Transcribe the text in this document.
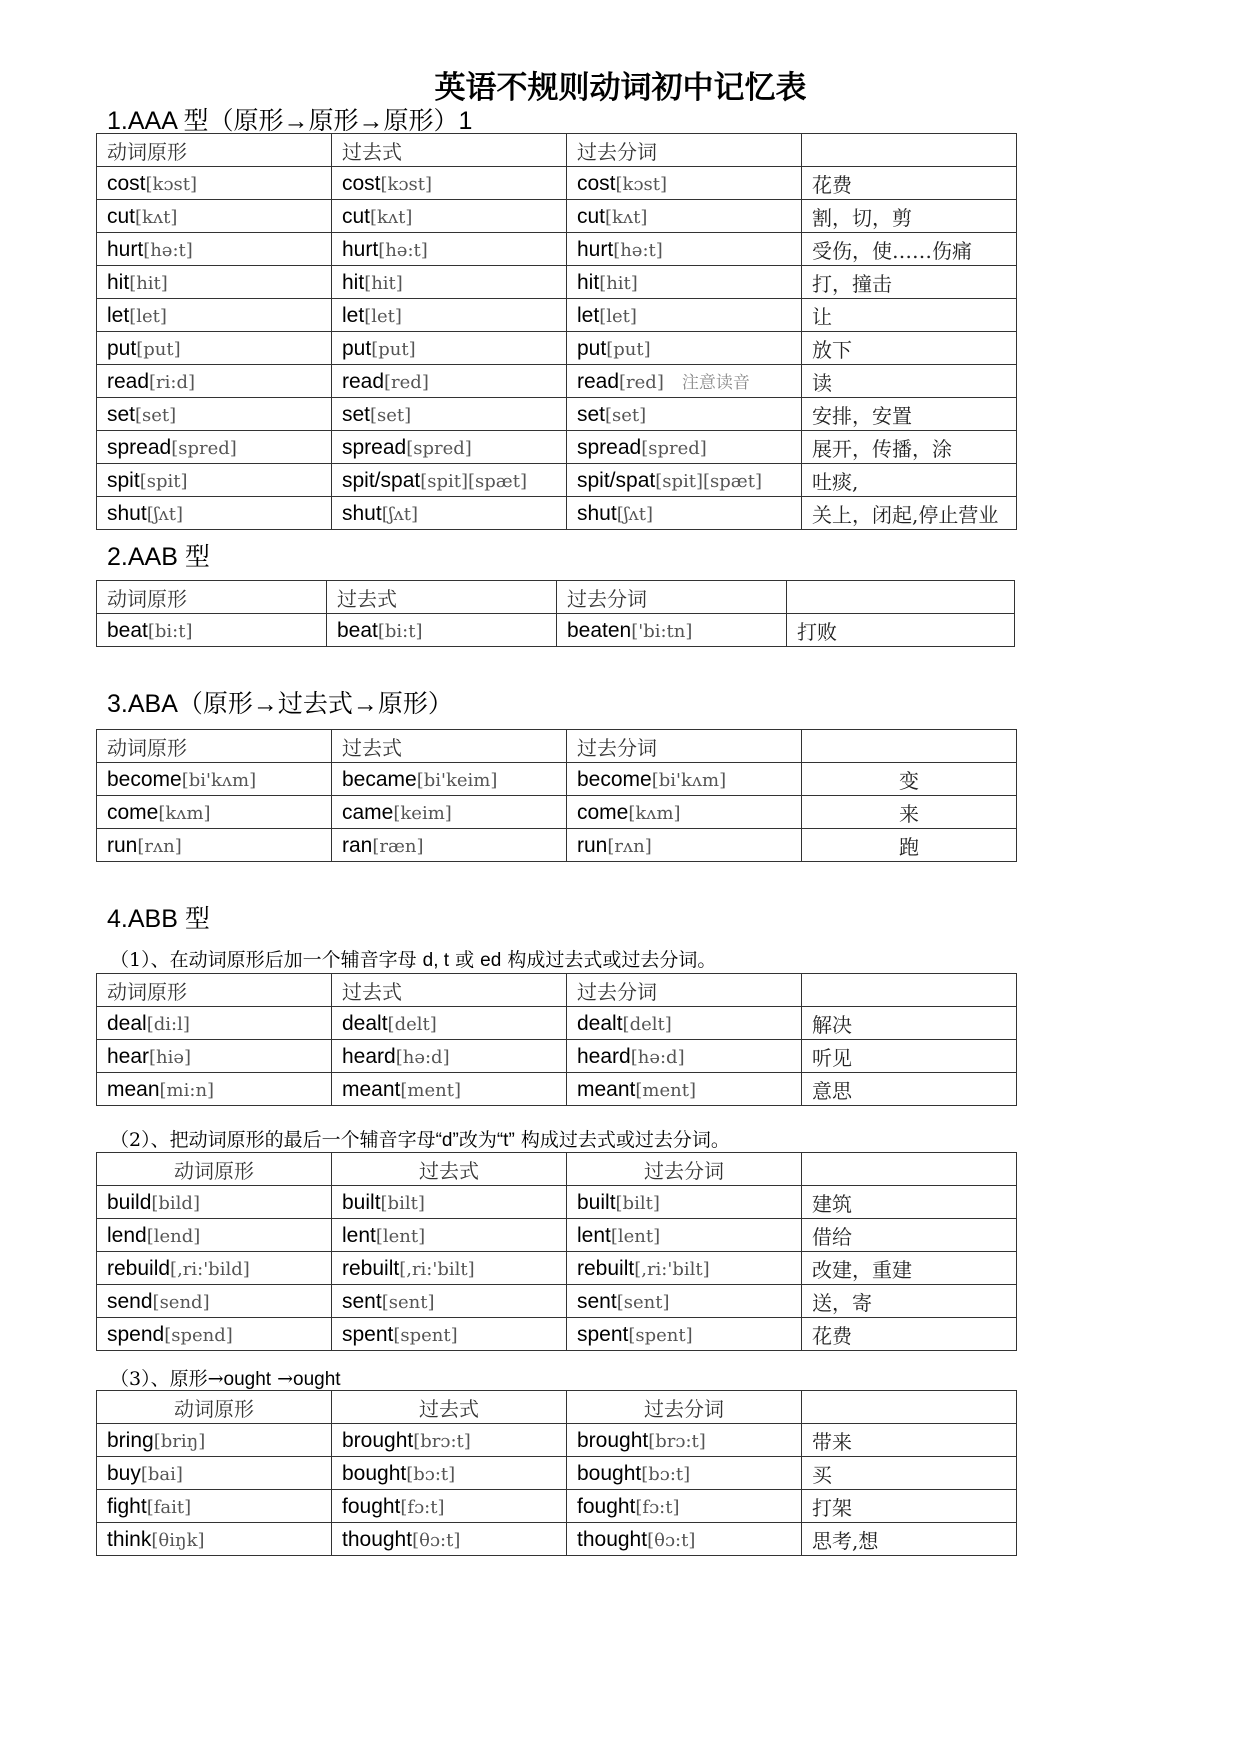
英语不规则动词初中记忆表
1.AAA 型（原形→原形→原形）1
动词原形	过去式	过去分词	
cost[kɔst]	cost[kɔst]	cost[kɔst]	花费
cut[kʌt]	cut[kʌt]	cut[kʌt]	割，切，剪
hurt[hə:t]	hurt[hə:t]	hurt[hə:t]	受伤，使……伤痛
hit[hit]	hit[hit]	hit[hit]	打，撞击
let[let]	let[let]	let[let]	让
put[put]	put[put]	put[put]	放下
read[ri:d]	read[red]	read[red] 注意读音	读
set[set]	set[set]	set[set]	安排，安置
spread[spred]	spread[spred]	spread[spred]	展开，传播，涂
spit[spit]	spit/spat[spit][spæt]	spit/spat[spit][spæt]	吐痰,
shut[ʃʌt]	shut[ʃʌt]	shut[ʃʌt]	关上，闭起,停止营业
2.AAB 型
动词原形	过去式	过去分词	
beat[bi:t]	beat[bi:t]	beaten['bi:tn]	打败
3.ABA（原形→过去式→原形）
动词原形	过去式	过去分词	
become[bi'kʌm]	became[bi'keim]	become[bi'kʌm]	变
come[kʌm]	came[keim]	come[kʌm]	来
run[rʌn]	ran[ræn]	run[rʌn]	跑
4.ABB 型
（1）、在动词原形后加一个辅音字母 d, t 或 ed 构成过去式或过去分词。
动词原形	过去式	过去分词	
deal[di:l]	dealt[delt]	dealt[delt]	解决
hear[hiə]	heard[hə:d]	heard[hə:d]	听见
mean[mi:n]	meant[ment]	meant[ment]	意思
（2）、把动词原形的最后一个辅音字母“d”改为“t” 构成过去式或过去分词。
动词原形	过去式	过去分词	
build[bild]	built[bilt]	built[bilt]	建筑
lend[lend]	lent[lent]	lent[lent]	借给
rebuild[,ri:'bild]	rebuilt[,ri:'bilt]	rebuilt[,ri:'bilt]	改建，重建
send[send]	sent[sent]	sent[sent]	送，寄
spend[spend]	spent[spent]	spent[spent]	花费
（3）、原形→ought →ought
动词原形	过去式	过去分词	
bring[briŋ]	brought[brɔ:t]	brought[brɔ:t]	带来
buy[bai]	bought[bɔ:t]	bought[bɔ:t]	买
fight[fait]	fought[fɔ:t]	fought[fɔ:t]	打架
think[θiŋk]	thought[θɔ:t]	thought[θɔ:t]	思考,想
